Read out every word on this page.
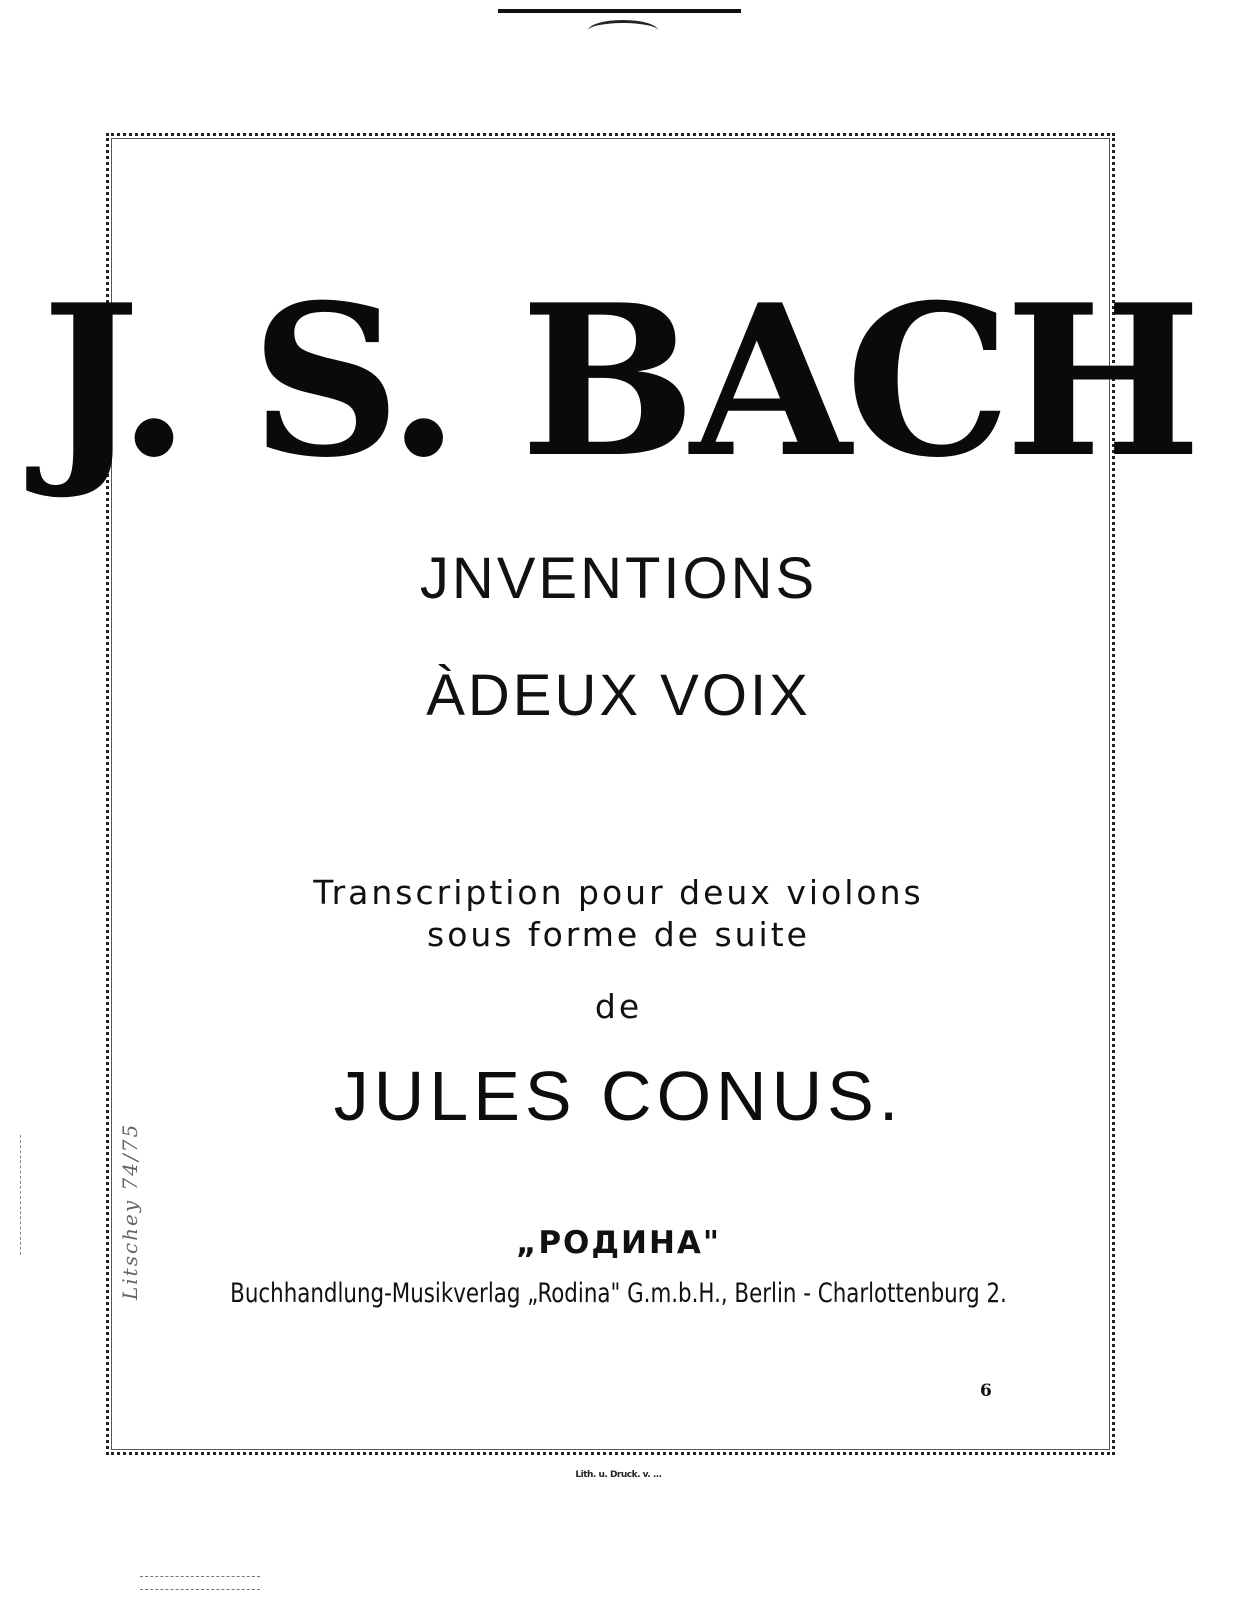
J. S. BACH
JNVENTIONS
ÀDEUX VOIX
Transcription pour deux violons
sous forme de suite
de
JULES CONUS.
„РОДИНА"
Buchhandlung-Musikverlag „Rodina" G.m.b.H., Berlin - Charlottenburg 2.
6
Lith. u. Druck. v. ...
Litschey 74/75
